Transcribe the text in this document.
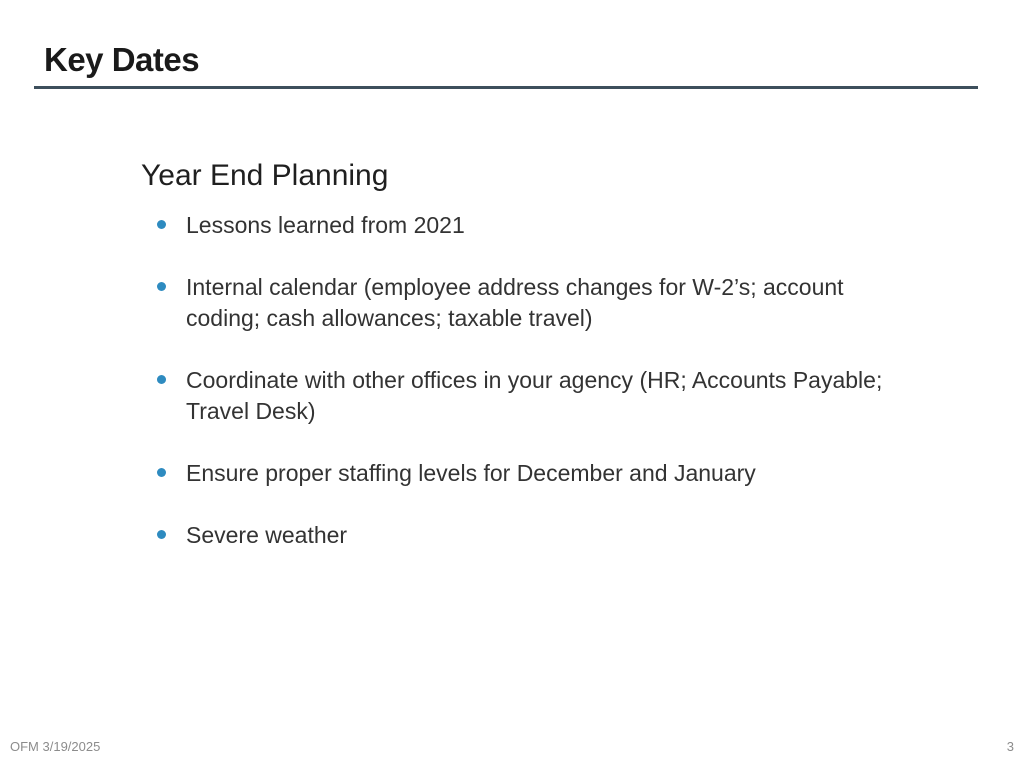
Key Dates
Year End Planning
Lessons learned from 2021
Internal calendar (employee address changes for W-2’s; account coding; cash allowances; taxable travel)
Coordinate with other offices in your agency (HR; Accounts Payable; Travel Desk)
Ensure proper staffing levels for December and January
Severe weather
OFM 3/19/2025	3
